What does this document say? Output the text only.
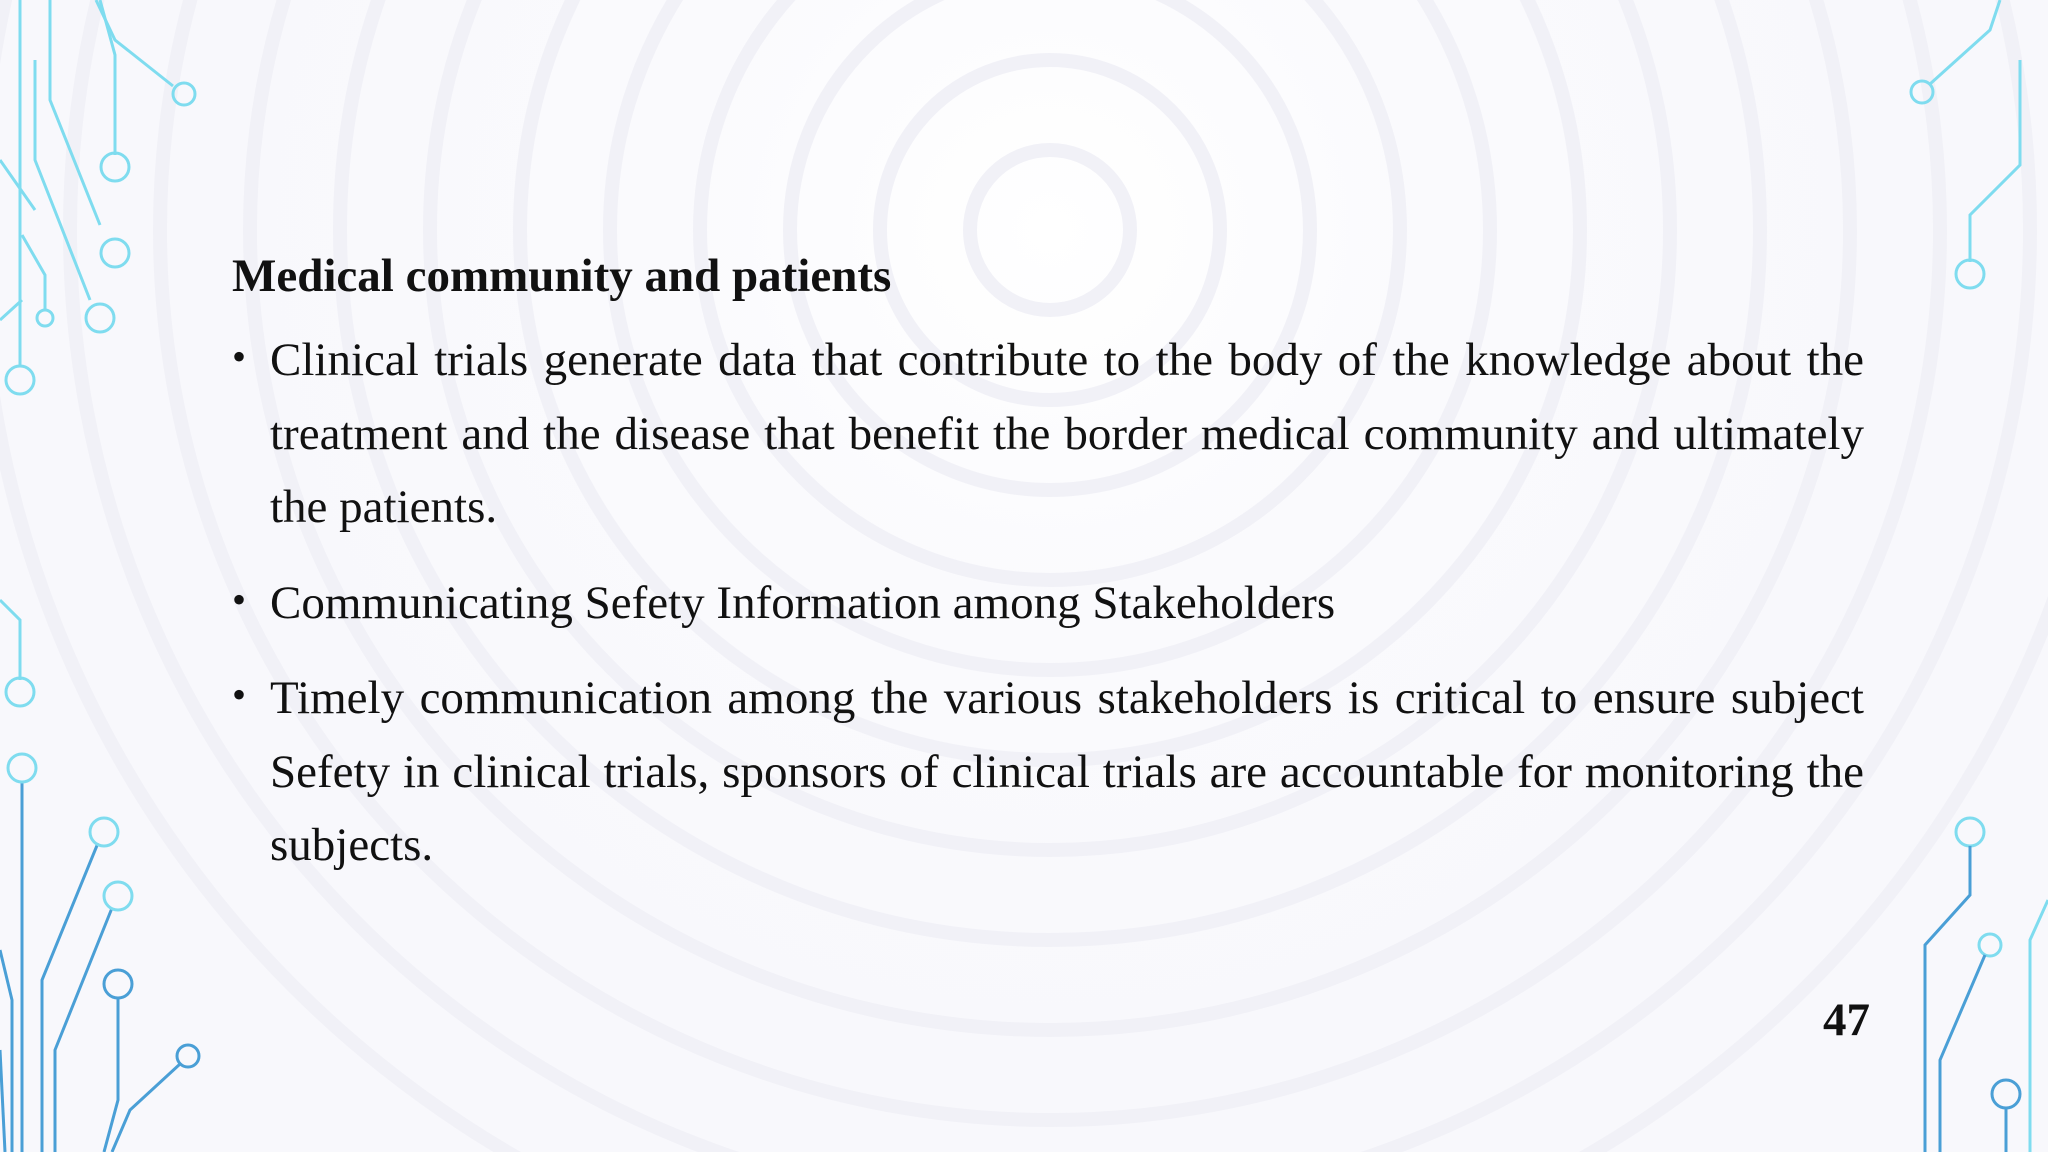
Medical community and patients

• Clinical trials generate data that contribute to the body of the knowledge about the treatment and the disease that benefit the border medical community and ultimately the patients.

• Communicating Sefety Information among Stakeholders

• Timely communication among the various stakeholders is critical to ensure subject Sefety in clinical trials, sponsors of clinical trials are accountable for monitoring the subjects.

47
